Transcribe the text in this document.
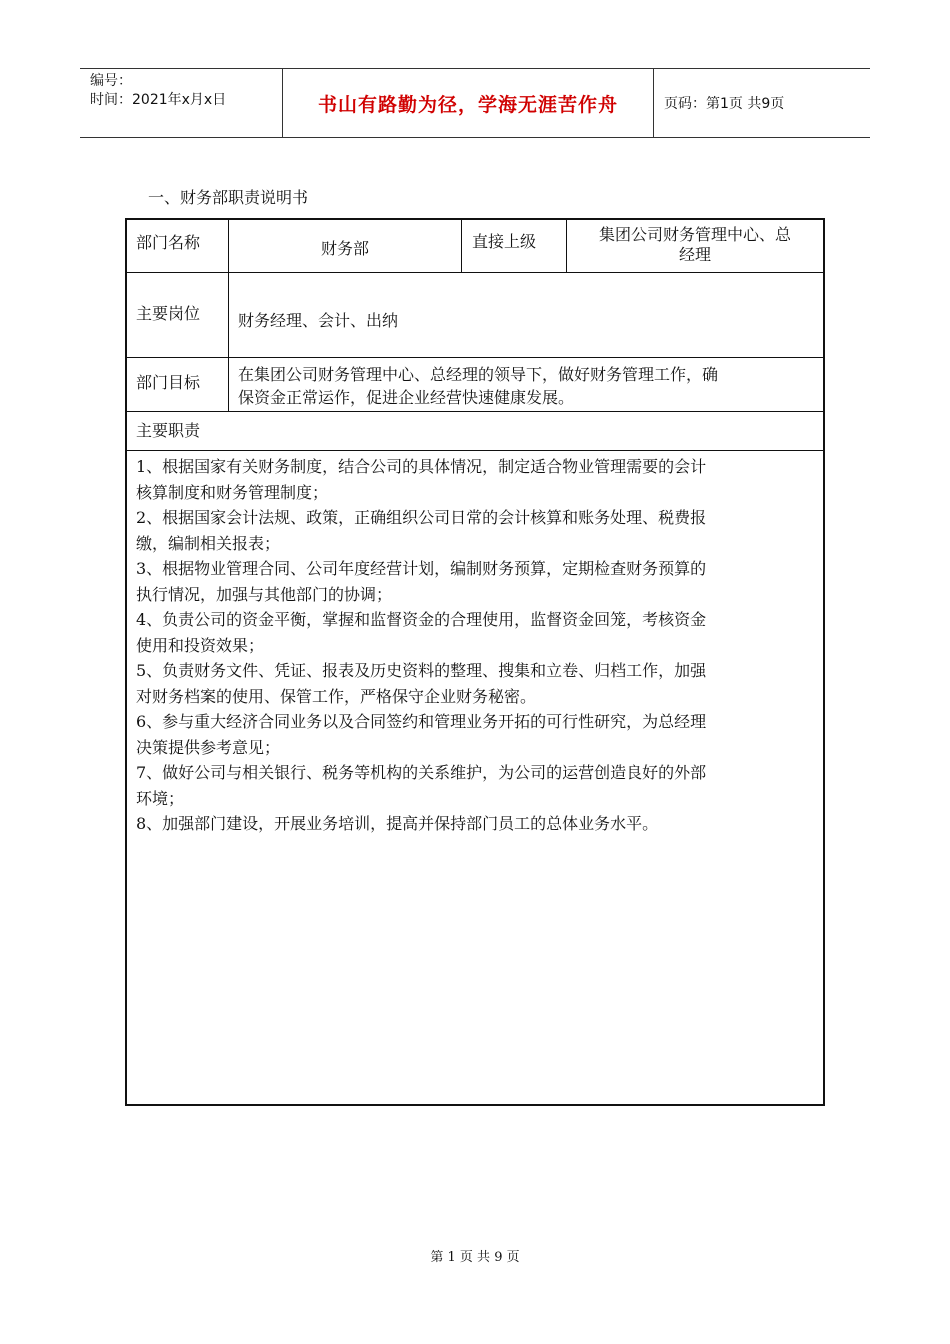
编号：
时间：2021年x月x日	书山有路勤为径，学海无涯苦作舟	页码：第1页 共9页
一、财务部职责说明书
部门名称	财务部	直接上级	集团公司财务管理中心、总
经理
主要岗位	财务经理、会计、出纳
部门目标	在集团公司财务管理中心、总经理的领导下，做好财务管理工作，确
保资金正常运作，促进企业经营快速健康发展。
主要职责

1、根据国家有关财务制度，结合公司的具体情况，制定适合物业管理需要的会计

核算制度和财务管理制度；

2、根据国家会计法规、政策，正确组织公司日常的会计核算和账务处理、税费报

缴，编制相关报表；

3、根据物业管理合同、公司年度经营计划，编制财务预算，定期检查财务预算的

执行情况，加强与其他部门的协调；

4、负责公司的资金平衡，掌握和监督资金的合理使用，监督资金回笼，考核资金

使用和投资效果；

5、负责财务文件、凭证、报表及历史资料的整理、搜集和立卷、归档工作，加强

对财务档案的使用、保管工作，严格保守企业财务秘密。

6、参与重大经济合同业务以及合同签约和管理业务开拓的可行性研究，为总经理

决策提供参考意见；

7、做好公司与相关银行、税务等机构的关系维护，为公司的运营创造良好的外部

环境；

8、加强部门建设，开展业务培训，提高并保持部门员工的总体业务水平。

第 1 页 共 9 页
